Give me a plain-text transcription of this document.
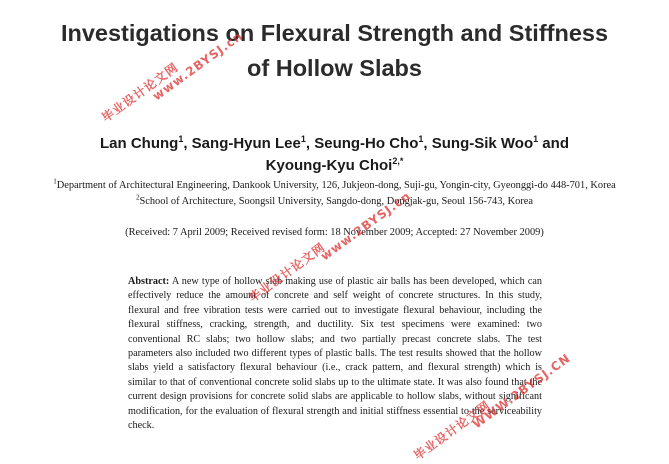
Investigations on Flexural Strength and Stiffness
of Hollow Slabs
Lan Chung$^1$, Sang-Hyun Lee$^1$, Seung-Ho Cho$^1$, Sung-Sik Woo$^1$ and
Kyoung-Kyu Choi$^{2,*}$
$^1$Department of Architectural Engineering, Dankook University, 126, Jukjeon-dong, Suji-gu, Yongin-city, Gyeonggi-do 448-701, Korea
$^2$School of Architecture, Soongsil University, Sangdo-dong, Dongjak-gu, Seoul 156-743, Korea
(Received: 7 April 2009; Received revised form: 18 November 2009; Accepted: 27 November 2009)
Abstract: A new type of hollow slab making use of plastic air balls has been developed, which can effectively reduce the amount of concrete and self weight of concrete structures. In this study, flexural and free vibration tests were carried out to investigate flexural behaviour, including the flexural stiffness, cracking, strength, and ductility. Six test specimens were examined: two conventional RC slabs; two hollow slabs; and two partially precast concrete slabs. The test parameters also included two different types of plastic balls. The test results showed that the hollow slabs yield a satisfactory flexural behaviour (i.e., crack pattern, and flexural strength) which is similar to that of conventional concrete solid slabs up to the ultimate state. It was also found that the current design provisions for concrete solid slabs are applicable to hollow slabs, without significant modification, for the evaluation of flexural strength and initial stiffness essential to the serviceability check.
毕业设计论文网
www.2BYSJ.cn
毕业设计论文网
www.2BYSJ.cn
毕业设计论文网
WWW.2BYSJ.CN
